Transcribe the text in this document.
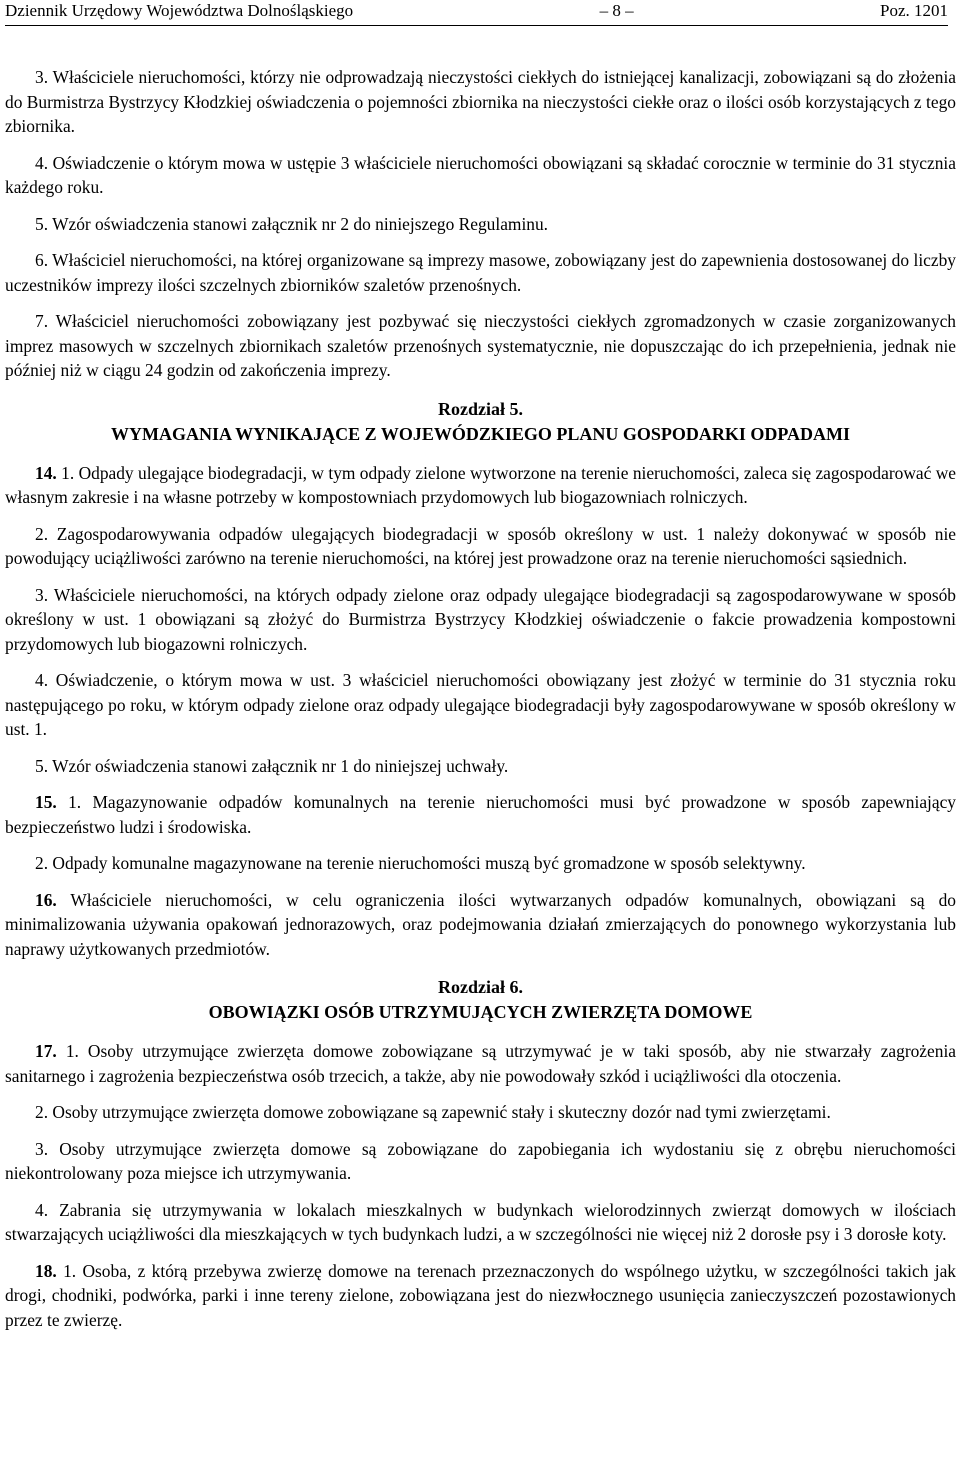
Dziennik Urzędowy Województwa Dolnośląskiego	– 8 –	Poz. 1201

3. Właściciele nieruchomości, którzy nie odprowadzają nieczystości ciekłych do istniejącej kanalizacji, zobowiązani są do złożenia do Burmistrza Bystrzycy Kłodzkiej oświadczenia o pojemności zbiornika na nieczystości ciekłe oraz o ilości osób korzystających z tego zbiornika.

4. Oświadczenie o którym mowa w ustępie 3 właściciele nieruchomości obowiązani są składać corocznie w terminie do 31 stycznia każdego roku.

5. Wzór oświadczenia stanowi załącznik nr 2 do niniejszego Regulaminu.

6. Właściciel nieruchomości, na której organizowane są imprezy masowe, zobowiązany jest do zapewnienia dostosowanej do liczby uczestników imprezy ilości szczelnych zbiorników szaletów przenośnych.

7. Właściciel nieruchomości zobowiązany jest pozbywać się nieczystości ciekłych zgromadzonych w czasie zorganizowanych imprez masowych w szczelnych zbiornikach szaletów przenośnych systematycznie, nie dopuszczając do ich przepełnienia, jednak nie później niż w ciągu 24 godzin od zakończenia imprezy.

Rozdział 5.
WYMAGANIA WYNIKAJĄCE Z WOJEWÓDZKIEGO PLANU GOSPODARKI ODPADAMI

14. 1. Odpady ulegające biodegradacji, w tym odpady zielone wytworzone na terenie nieruchomości, zaleca się zagospodarować we własnym zakresie i na własne potrzeby w kompostowniach przydomowych lub biogazowniach rolniczych.

2. Zagospodarowywania odpadów ulegających biodegradacji w sposób określony w ust. 1 należy dokonywać w sposób nie powodujący uciążliwości zarówno na terenie nieruchomości, na której jest prowadzone oraz na terenie nieruchomości sąsiednich.

3. Właściciele nieruchomości, na których odpady zielone oraz odpady ulegające biodegradacji są zagospodarowywane w sposób określony w ust. 1 obowiązani są złożyć do Burmistrza Bystrzycy Kłodzkiej oświadczenie o fakcie prowadzenia kompostowni przydomowych lub biogazowni rolniczych.

4. Oświadczenie, o którym mowa w ust. 3 właściciel nieruchomości obowiązany jest złożyć w terminie do 31 stycznia roku następującego po roku, w którym odpady zielone oraz odpady ulegające biodegradacji były zagospodarowywane w sposób określony w ust. 1.

5. Wzór oświadczenia stanowi załącznik nr 1 do niniejszej uchwały.

15. 1. Magazynowanie odpadów komunalnych na terenie nieruchomości musi być prowadzone w sposób zapewniający bezpieczeństwo ludzi i środowiska.

2. Odpady komunalne magazynowane na terenie nieruchomości muszą być gromadzone w sposób selektywny.

16. Właściciele nieruchomości, w celu ograniczenia ilości wytwarzanych odpadów komunalnych, obowiązani są do minimalizowania używania opakowań jednorazowych, oraz podejmowania działań zmierzających do ponownego wykorzystania lub naprawy użytkowanych przedmiotów.

Rozdział 6.
OBOWIĄZKI OSÓB UTRZYMUJĄCYCH ZWIERZĘTA DOMOWE

17. 1. Osoby utrzymujące zwierzęta domowe zobowiązane są utrzymywać je w taki sposób, aby nie stwarzały zagrożenia sanitarnego i zagrożenia bezpieczeństwa osób trzecich, a także, aby nie powodowały szkód i uciążliwości dla otoczenia.

2. Osoby utrzymujące zwierzęta domowe zobowiązane są zapewnić stały i skuteczny dozór nad tymi zwierzętami.

3. Osoby utrzymujące zwierzęta domowe są zobowiązane do zapobiegania ich wydostaniu się z obrębu nieruchomości niekontrolowany poza miejsce ich utrzymywania.

4. Zabrania się utrzymywania w lokalach mieszkalnych w budynkach wielorodzinnych zwierząt domowych w ilościach stwarzających uciążliwości dla mieszkających w tych budynkach ludzi, a w szczególności nie więcej niż 2 dorosłe psy i 3 dorosłe koty.

18. 1. Osoba, z którą przebywa zwierzę domowe na terenach przeznaczonych do wspólnego użytku, w szczególności takich jak drogi, chodniki, podwórka, parki i inne tereny zielone, zobowiązana jest do niezwłocznego usunięcia zanieczyszczeń pozostawionych przez te zwierzę.
